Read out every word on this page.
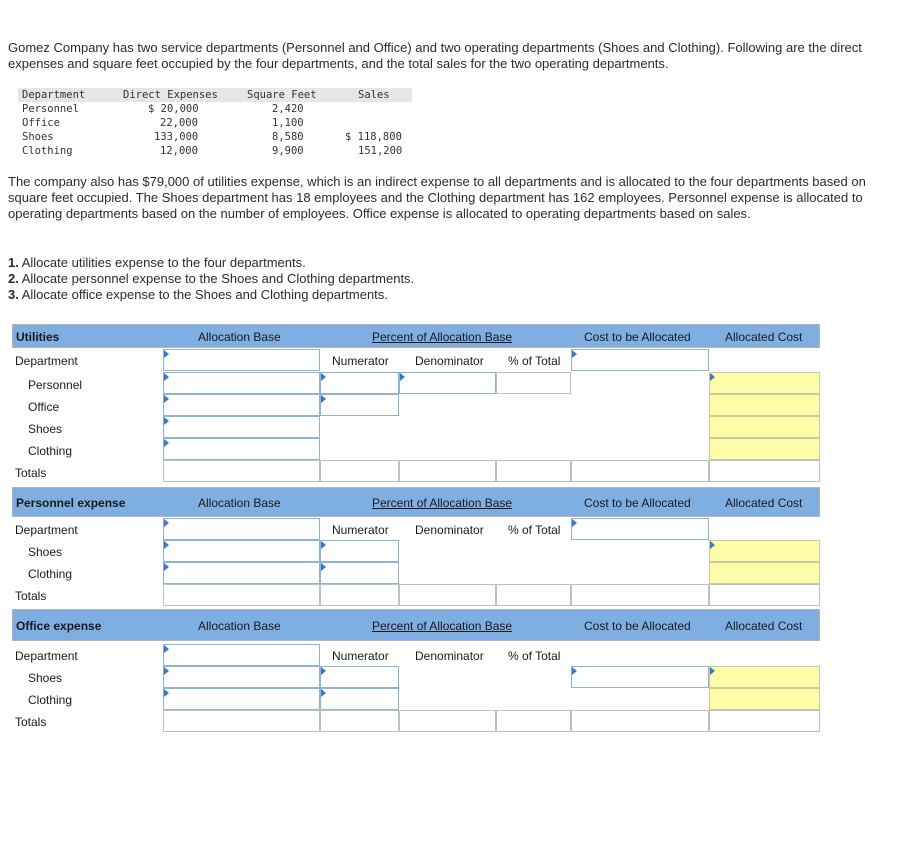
Gomez Company has two service departments (Personnel and Office) and two operating departments (Shoes and Clothing). Following are the direct expenses and square feet occupied by the four departments, and the total sales for the two operating departments.
Department	Direct Expenses	Square Feet	Sales
Personnel	$ 20,000	2,420
Office	22,000	1,100
Shoes	133,000	8,580	$ 118,800
Clothing	12,000	9,900	151,200
The company also has $79,000 of utilities expense, which is an indirect expense to all departments and is allocated to the four departments based on square feet occupied. The Shoes department has 18 employees and the Clothing department has 162 employees. Personnel expense is allocated to operating departments based on the number of employees. Office expense is allocated to operating departments based on sales.
1. Allocate utilities expense to the four departments.
2. Allocate personnel expense to the Shoes and Clothing departments.
3. Allocate office expense to the Shoes and Clothing departments.
Utilities	Allocation Base	Percent of Allocation Base	Cost to be Allocated	Allocated Cost
Department	Numerator Denominator % of Total
Personnel
Office
Shoes
Clothing
Totals
Personnel expense	Allocation Base	Percent of Allocation Base	Cost to be Allocated	Allocated Cost
Department	Numerator Denominator % of Total
Shoes
Clothing
Totals
Office expense	Allocation Base	Percent of Allocation Base	Cost to be Allocated	Allocated Cost
Department	Numerator Denominator % of Total
Shoes
Clothing
Totals
